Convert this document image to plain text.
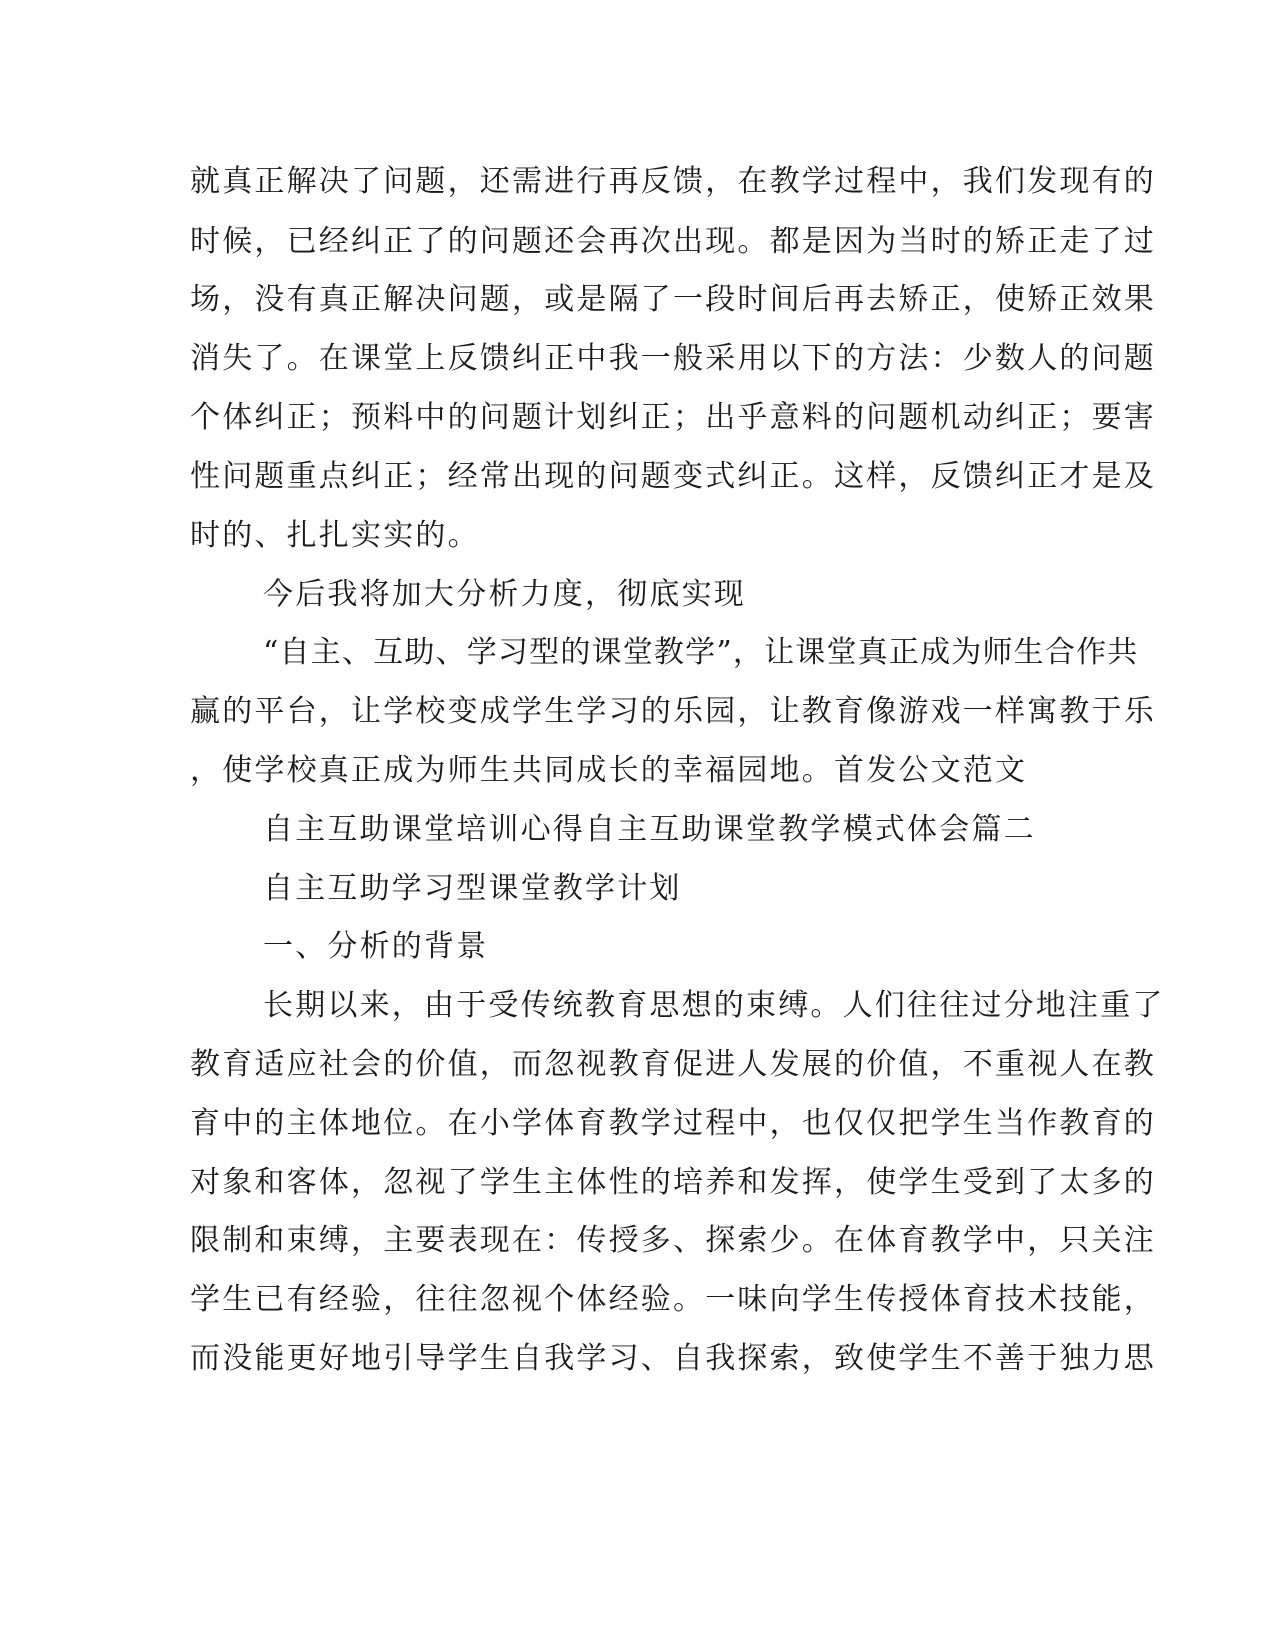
就真正解决了问题，还需进行再反馈，在教学过程中，我们发现有的
时候，已经纠正了的问题还会再次出现。都是因为当时的矫正走了过
场，没有真正解决问题，或是隔了一段时间后再去矫正，使矫正效果
消失了。在课堂上反馈纠正中我一般采用以下的方法：少数人的问题
个体纠正；预料中的问题计划纠正；出乎意料的问题机动纠正；要害
性问题重点纠正；经常出现的问题变式纠正。这样，反馈纠正才是及
时的、扎扎实实的。
今后我将加大分析力度，彻底实现
“自主、互助、学习型的课堂教学”，让课堂真正成为师生合作共
赢的平台，让学校变成学生学习的乐园，让教育像游戏一样寓教于乐
，使学校真正成为师生共同成长的幸福园地。首发公文范文
自主互助课堂培训心得自主互助课堂教学模式体会篇二
自主互助学习型课堂教学计划
一、分析的背景
长期以来，由于受传统教育思想的束缚。人们往往过分地注重了
教育适应社会的价值，而忽视教育促进人发展的价值，不重视人在教
育中的主体地位。在小学体育教学过程中，也仅仅把学生当作教育的
对象和客体，忽视了学生主体性的培养和发挥，使学生受到了太多的
限制和束缚，主要表现在：传授多、探索少。在体育教学中，只关注
学生已有经验，往往忽视个体经验。一味向学生传授体育技术技能，
而没能更好地引导学生自我学习、自我探索，致使学生不善于独力思
